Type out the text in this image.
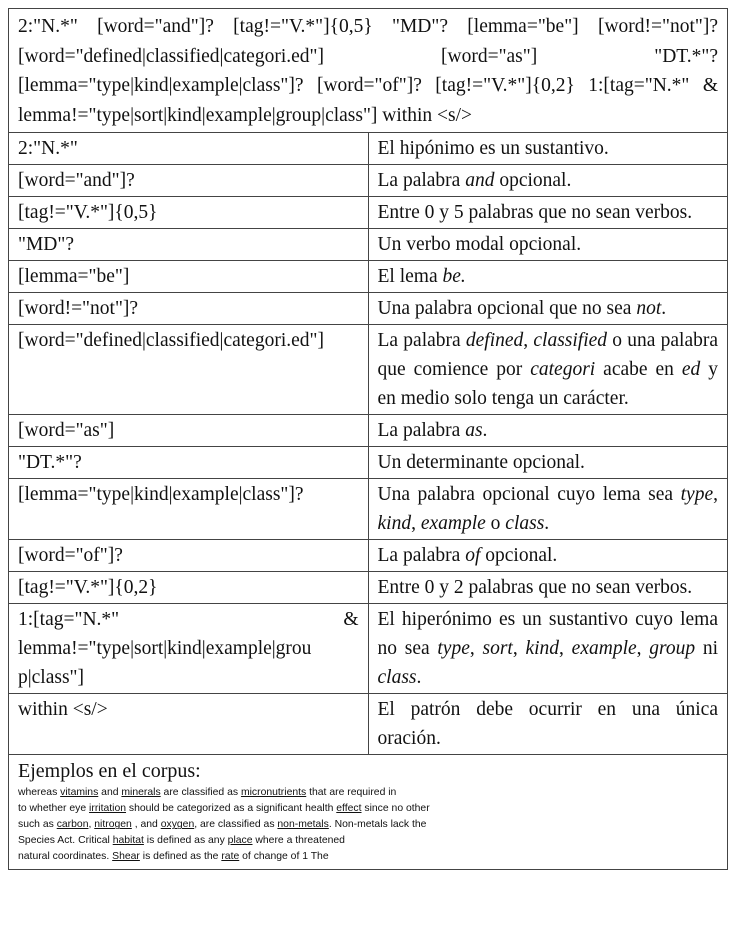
2:"N.*" [word="and"]? [tag!="V.*"]{0,5} "MD"? [lemma="be"] [word!="not"]? [word="defined|classified|categori.ed"] [word="as"] "DT.*"? [lemma="type|kind|example|class"]? [word="of"]? [tag!="V.*"]{0,2} 1:[tag="N.*" & lemma!="type|sort|kind|example|group|class"] within <s/>	
2:"N.*"	El hipónimo es un sustantivo.
[word="and"]?	La palabra and opcional.
[tag!="V.*"]{0,5}	Entre 0 y 5 palabras que no sean verbos.
"MD"?	Un verbo modal opcional.
[lemma="be"]	El lema be.
[word!="not"]?	Una palabra opcional que no sea not.
[word="defined|classified|categori.ed"]	La palabra defined, classified o una palabra que comience por categori acabe en ed y en medio solo tenga un carácter.
[word="as"]	La palabra as.
"DT.*"?	Un determinante opcional.
[lemma="type|kind|example|class"]?	Una palabra opcional cuyo lema sea type, kind, example o class.
[word="of"]?	La palabra of opcional.
[tag!="V.*"]{0,2}	Entre 0 y 2 palabras que no sean verbos.
1:[tag="N.*" & lemma!="type|sort|kind|example|grou p|class"]	El hiperónimo es un sustantivo cuyo lema no sea type, sort, kind, example, group ni class.
within <s/>	El patrón debe ocurrir en una única oración.
Ejemplos en el corpus:
whereas vitamins and minerals are classified as micronutrients that are required in
to whether eye irritation should be categorized as a significant health effect since no other
such as carbon, nitrogen , and oxygen, are classified as non-metals. Non-metals lack the
Species Act. Critical habitat is defined as any place where a threatened
natural coordinates. Shear is defined as the rate of change of 1 The
